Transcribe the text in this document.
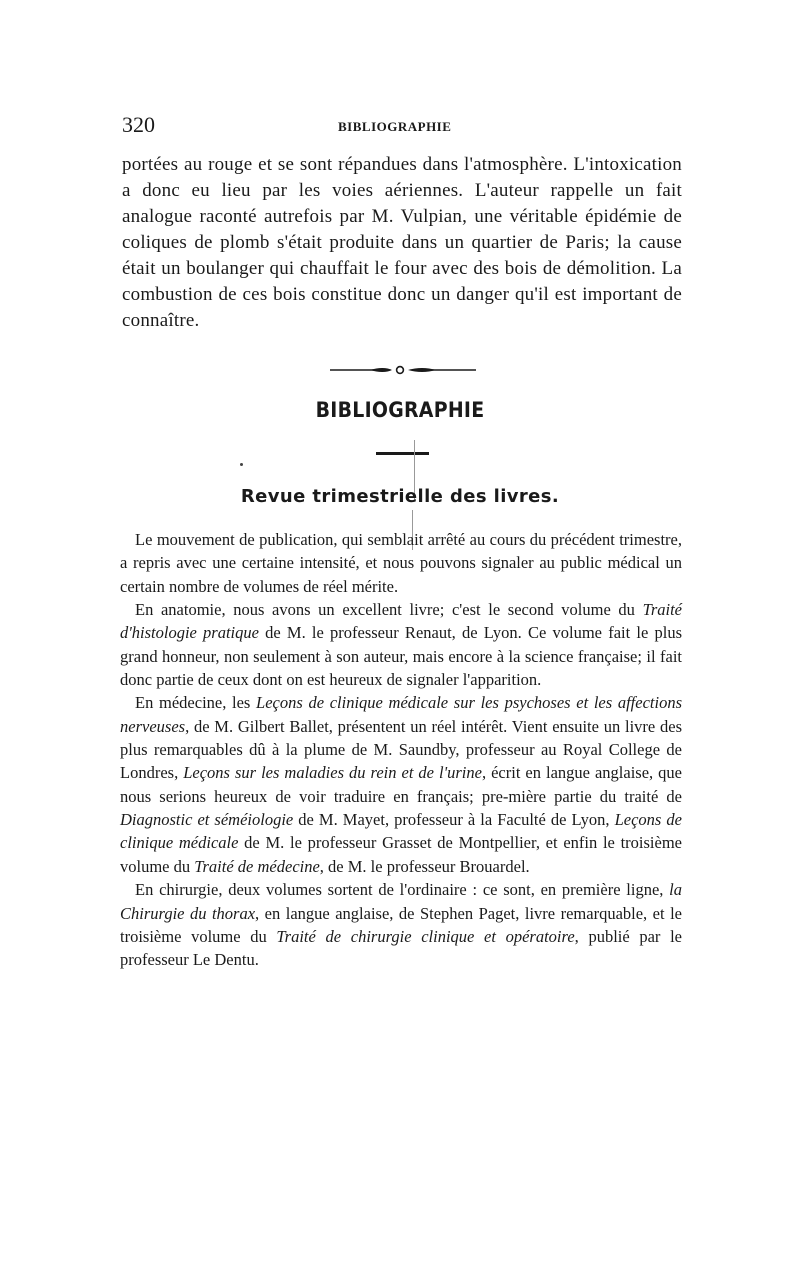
320	BIBLIOGRAPHIE

portées au rouge et se sont répandues dans l'atmosphère. L'intoxication a donc eu lieu par les voies aériennes. L'auteur rappelle un fait analogue raconté autrefois par M. Vulpian, une véritable épidémie de coliques de plomb s'était produite dans un quartier de Paris; la cause était un boulanger qui chauffait le four avec des bois de démolition. La combustion de ces bois constitue donc un danger qu'il est important de connaître.

BIBLIOGRAPHIE
Revue trimestrielle des livres.

Le mouvement de publication, qui semblait arrêté au cours du précédent trimestre, a repris avec une certaine intensité, et nous pouvons signaler au public médical un certain nombre de volumes de réel mérite.

En anatomie, nous avons un excellent livre; c'est le second volume du Traité d'histologie pratique de M. le professeur Renaut, de Lyon. Ce volume fait le plus grand honneur, non seulement à son auteur, mais encore à la science française; il fait donc partie de ceux dont on est heureux de signaler l'apparition.

En médecine, les Leçons de clinique médicale sur les psychoses et les affections nerveuses, de M. Gilbert Ballet, présentent un réel intérêt. Vient ensuite un livre des plus remarquables dû à la plume de M. Saundby, professeur au Royal College de Londres, Leçons sur les maladies du rein et de l'urine, écrit en langue anglaise, que nous serions heureux de voir traduire en français; pre-mière partie du traité de Diagnostic et séméiologie de M. Mayet, professeur à la Faculté de Lyon, Leçons de clinique médicale de M. le professeur Grasset de Montpellier, et enfin le troisième volume du Traité de médecine, de M. le professeur Brouardel.

En chirurgie, deux volumes sortent de l'ordinaire : ce sont, en première ligne, la Chirurgie du thorax, en langue anglaise, de Stephen Paget, livre remarquable, et le troisième volume du Traité de chirurgie clinique et opératoire, publié par le professeur Le Dentu.
